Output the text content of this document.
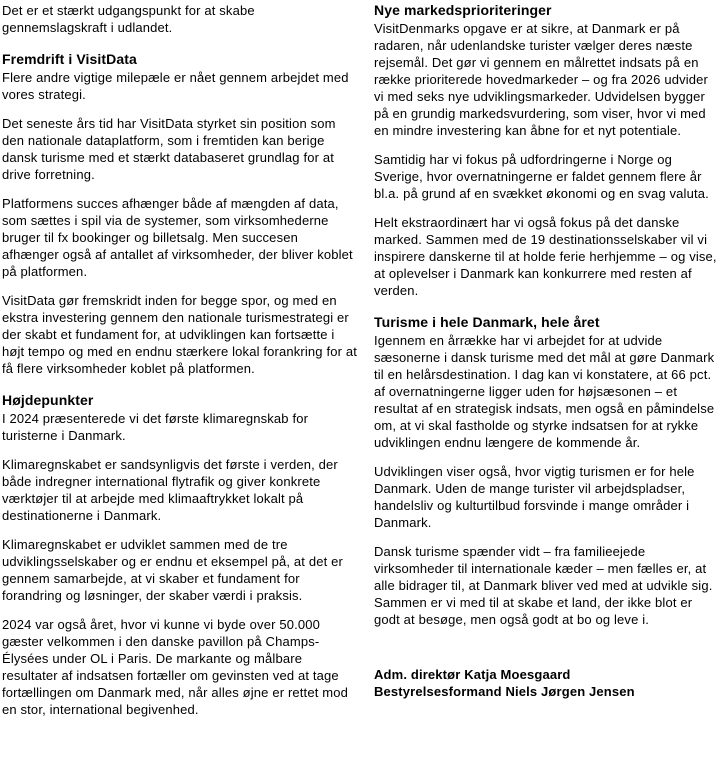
Det er et stærkt udgangspunkt for at skabe gennemslagskraft i udlandet.

Fremdrift i VisitData

Flere andre vigtige milepæle er nået gennem arbejdet med vores strategi.

Det seneste års tid har VisitData styrket sin position som den nationale dataplatform, som i fremtiden kan berige dansk turisme med et stærkt databaseret grundlag for at drive forretning.

Platformens succes afhænger både af mængden af data, som sættes i spil via de systemer, som virksomhederne bruger til fx bookinger og billetsalg. Men succesen afhænger også af antallet af virksomheder, der bliver koblet på platformen.

VisitData gør fremskridt inden for begge spor, og med en ekstra investering gennem den nationale turismestrategi er der skabt et fundament for, at udviklingen kan fortsætte i højt tempo og med en endnu stærkere lokal forankring for at få flere virksomheder koblet på platformen.

Højdepunkter

I 2024 præsenterede vi det første klimaregnskab for turisterne i Danmark.

Klimaregnskabet er sandsynligvis det første i verden, der både indregner international flytrafik og giver konkrete værktøjer til at arbejde med klimaaftrykket lokalt på destinationerne i Danmark.

Klimaregnskabet er udviklet sammen med de tre udviklingsselskaber og er endnu et eksempel på, at det er gennem samarbejde, at vi skaber et fundament for forandring og løsninger, der skaber værdi i praksis.

2024 var også året, hvor vi kunne vi byde over 50.000 gæster velkommen i den danske pavillon på Champs-Élysées under OL i Paris. De markante og målbare resultater af indsatsen fortæller om gevinsten ved at tage fortællingen om Danmark med, når alles øjne er rettet mod en stor, international begivenhed.

Nye markedsprioriteringer

VisitDenmarks opgave er at sikre, at Danmark er på radaren, når udenlandske turister vælger deres næste rejsemål. Det gør vi gennem en målrettet indsats på en række prioriterede hovedmarkeder – og fra 2026 udvider vi med seks nye udviklingsmarkeder. Udvidelsen bygger på en grundig markedsvurdering, som viser, hvor vi med en mindre investering kan åbne for et nyt potentiale.

Samtidig har vi fokus på udfordringerne i Norge og Sverige, hvor overnatningerne er faldet gennem flere år bl.a. på grund af en svækket økonomi og en svag valuta.

Helt ekstraordinært har vi også fokus på det danske marked. Sammen med de 19 destinationsselskaber vil vi inspirere danskerne til at holde ferie herhjemme – og vise, at oplevelser i Danmark kan konkurrere med resten af verden.

Turisme i hele Danmark, hele året

Igennem en årrække har vi arbejdet for at udvide sæsonerne i dansk turisme med det mål at gøre Danmark til en helårsdestination. I dag kan vi konstatere, at 66 pct. af overnatningerne ligger uden for højsæsonen – et resultat af en strategisk indsats, men også en påmindelse om, at vi skal fastholde og styrke indsatsen for at rykke udviklingen endnu længere de kommende år.

Udviklingen viser også, hvor vigtig turismen er for hele Danmark. Uden de mange turister vil arbejdspladser, handelsliv og kulturtilbud forsvinde i mange områder i Danmark.

Dansk turisme spænder vidt – fra familieejede virksomheder til internationale kæder – men fælles er, at alle bidrager til, at Danmark bliver ved med at udvikle sig. Sammen er vi med til at skabe et land, der ikke blot er godt at besøge, men også godt at bo og leve i.

Adm. direktør Katja Moesgaard

Bestyrelsesformand Niels Jørgen Jensen
